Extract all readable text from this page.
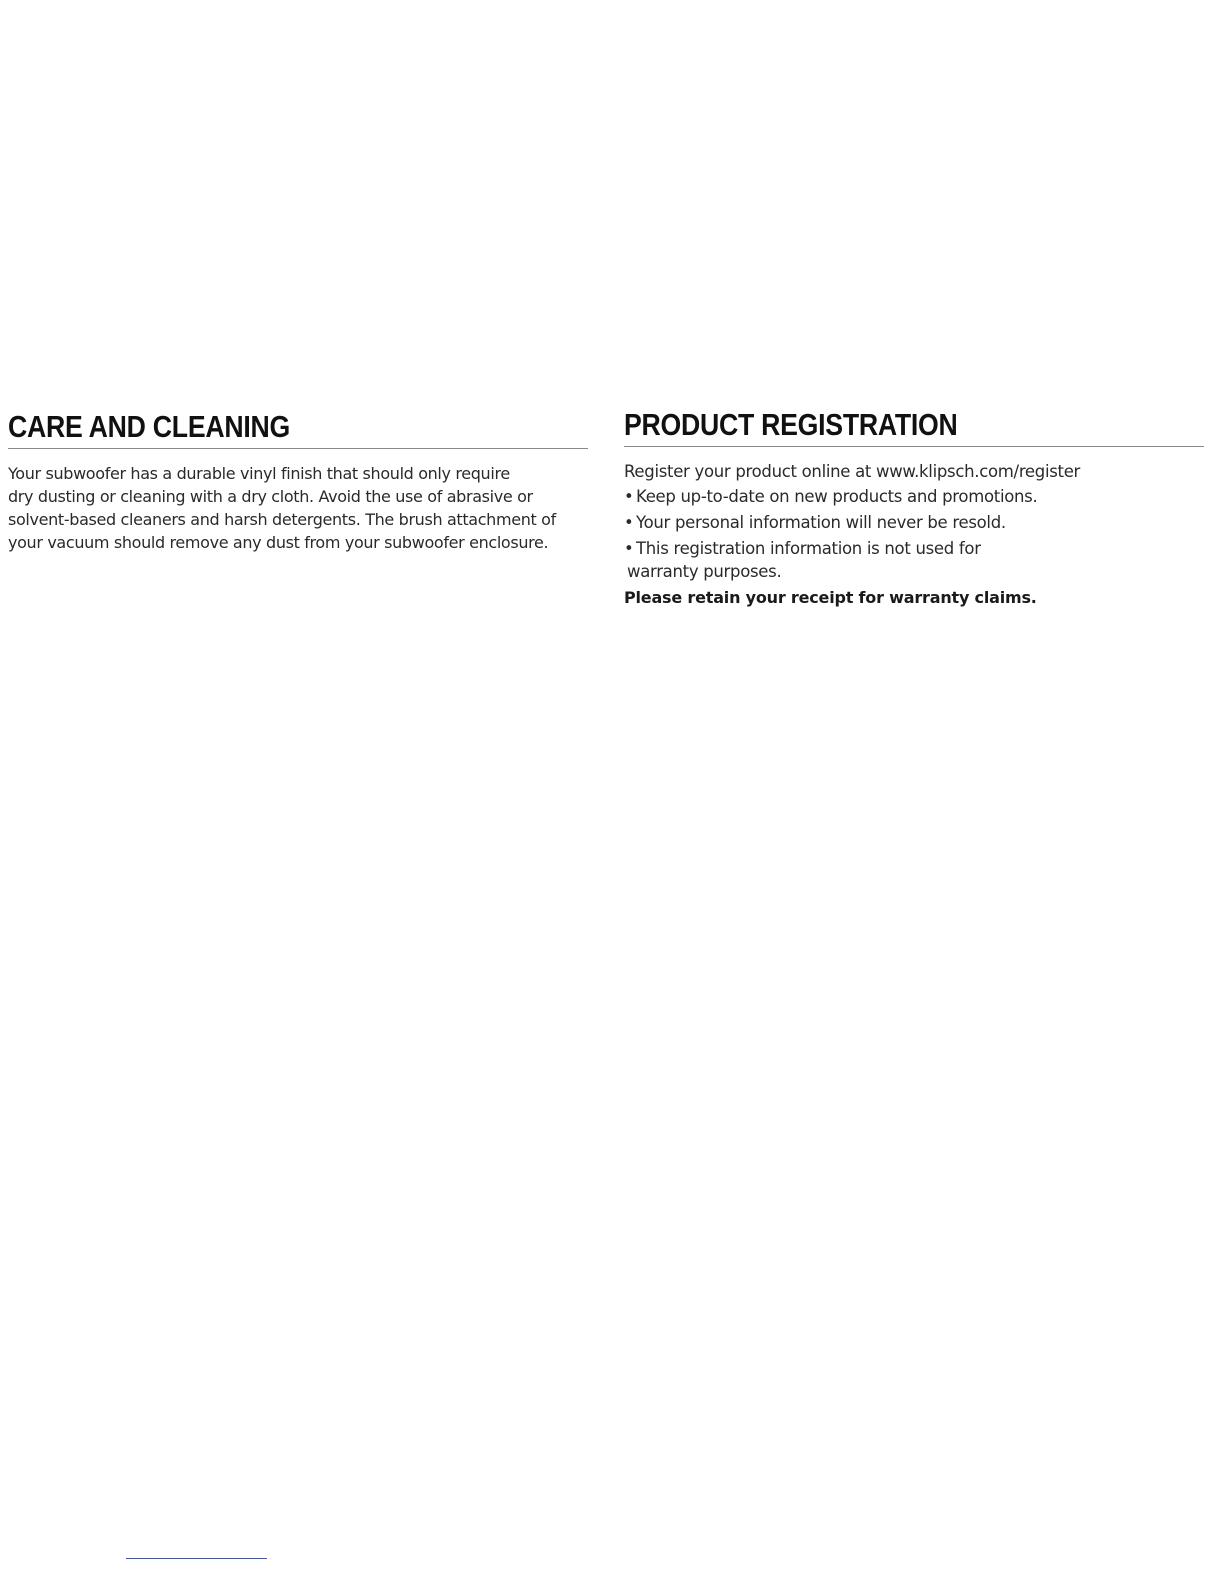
CARE AND CLEANING

Your subwoofer has a durable vinyl finish that should only require
dry dusting or cleaning with a dry cloth. Avoid the use of abrasive or
solvent-based cleaners and harsh detergents. The brush attachment of
your vacuum should remove any dust from your subwoofer enclosure.

PRODUCT REGISTRATION

Register your product online at www.klipsch.com/register

• Keep up-to-date on new products and promotions.
• Your personal information will never be resold.
• This registration information is not used for
warranty purposes.

Please retain your receipt for warranty claims.
